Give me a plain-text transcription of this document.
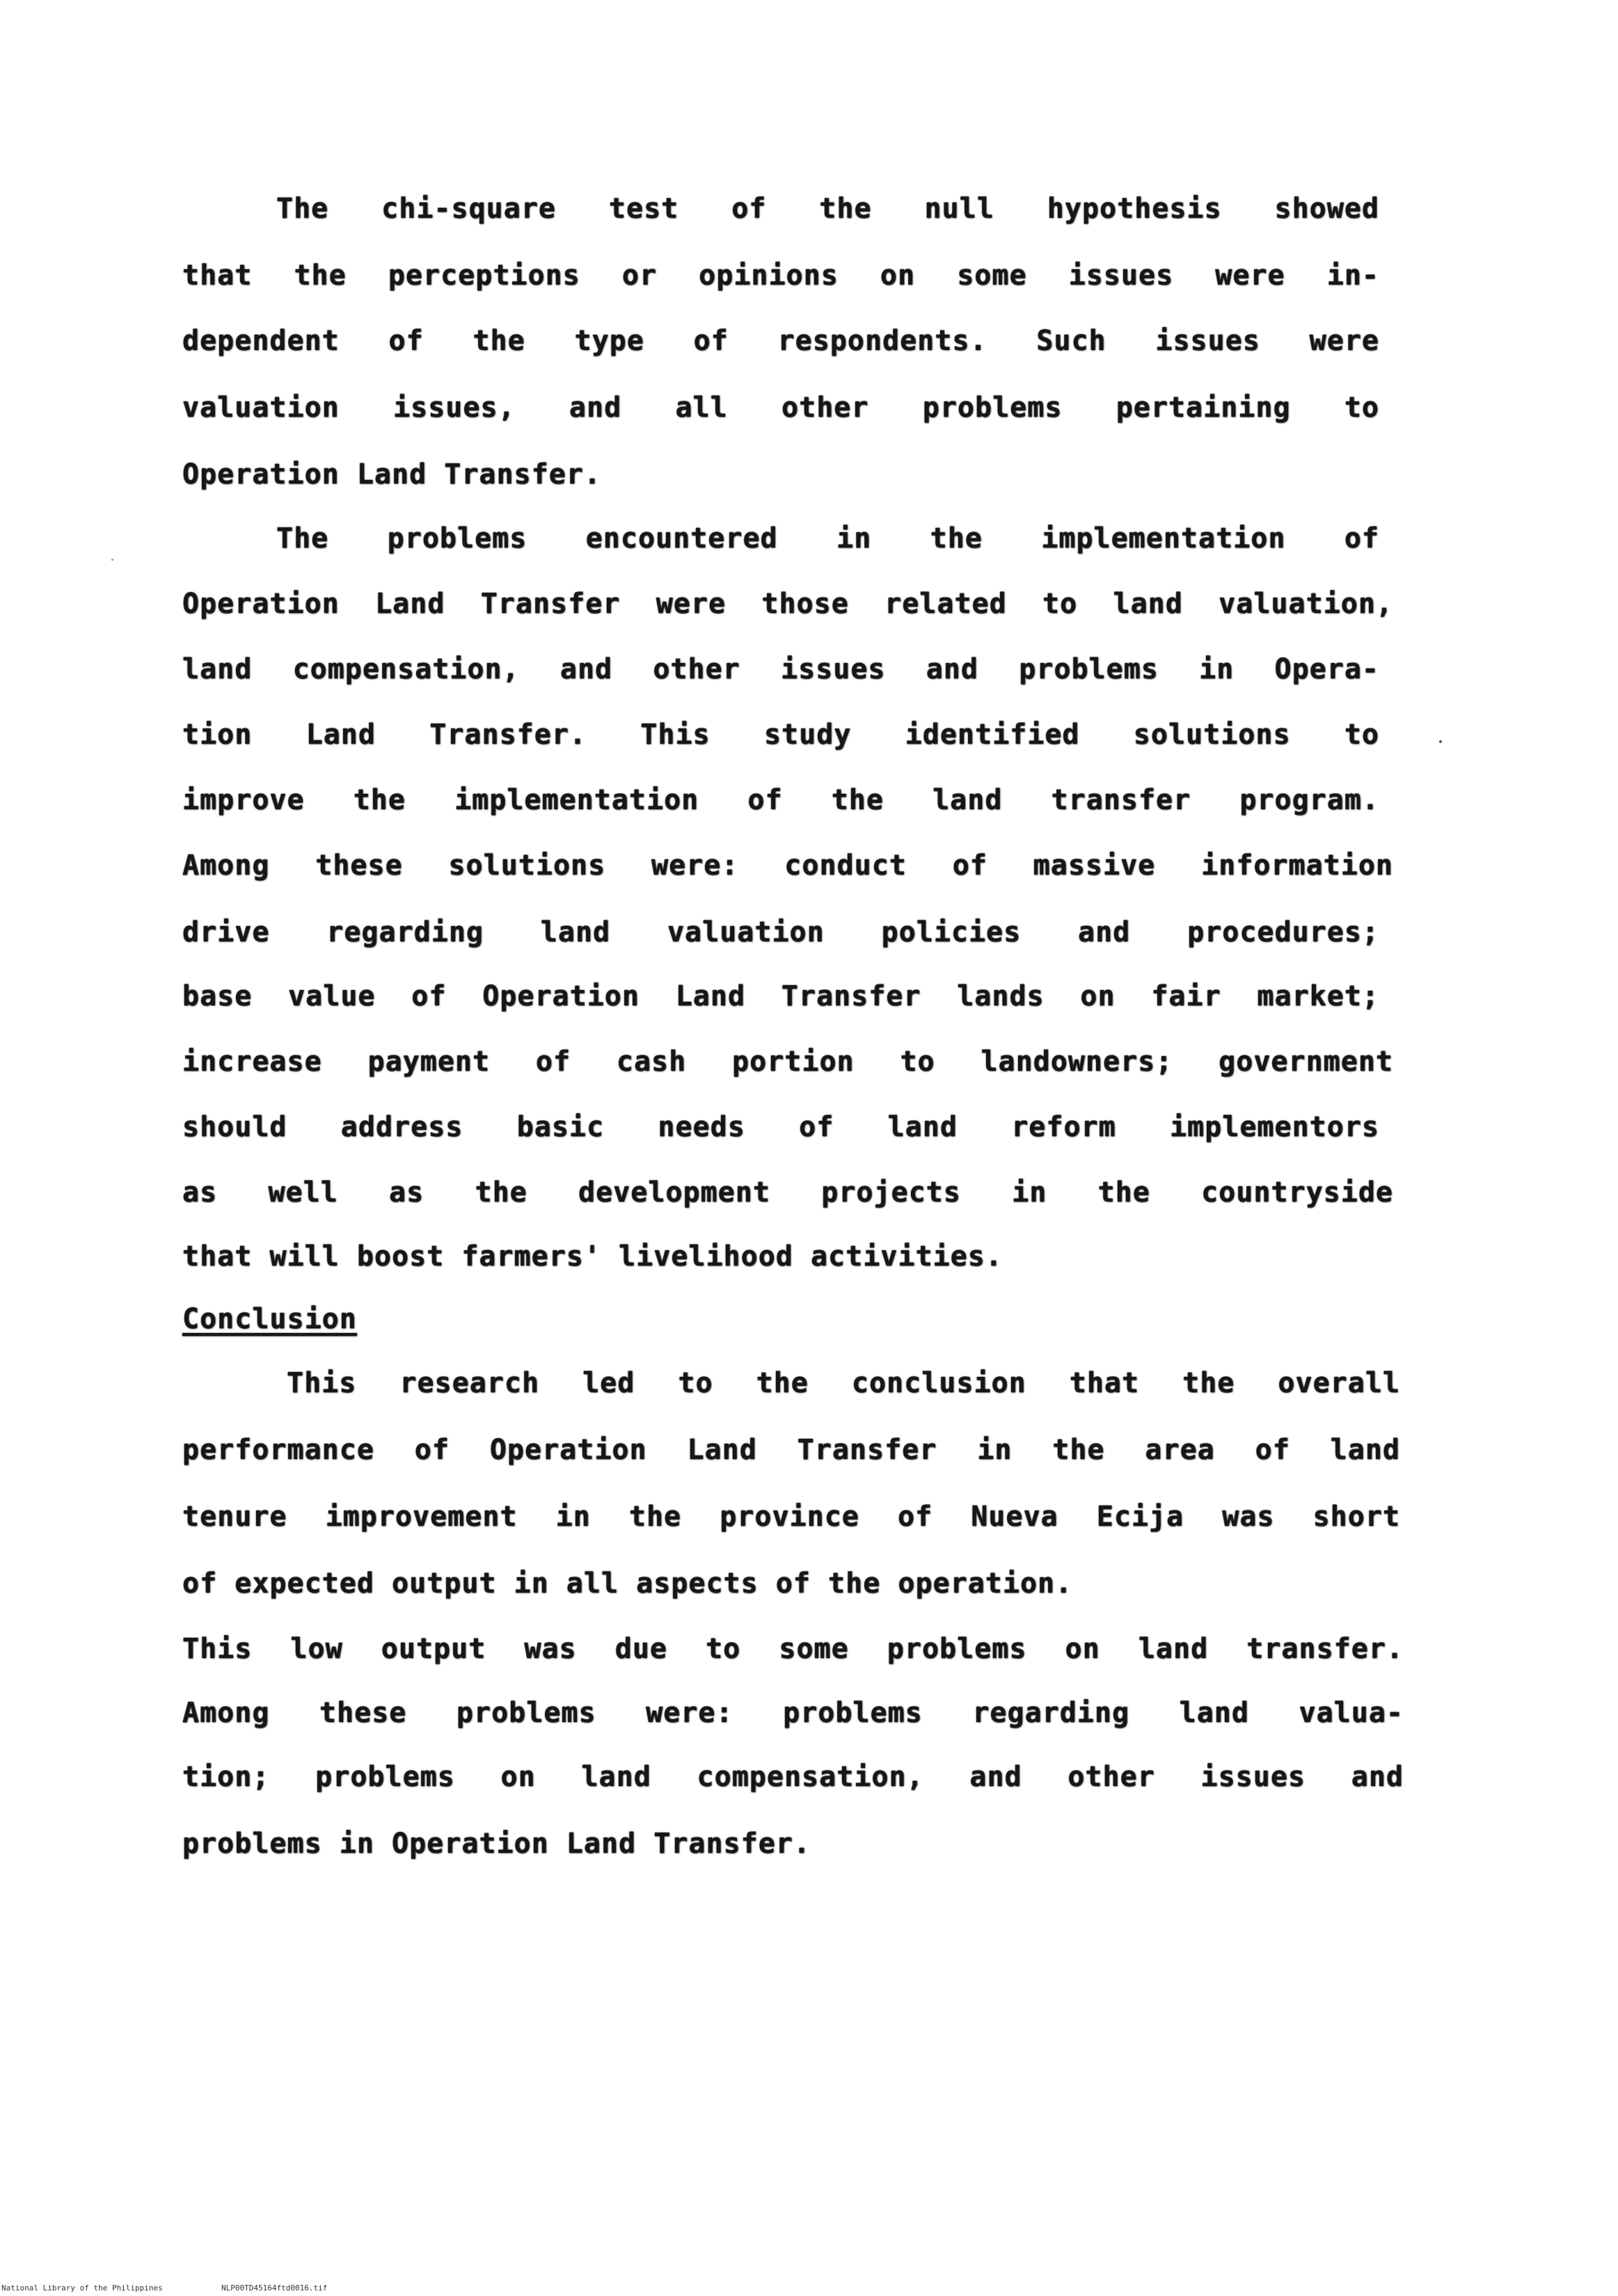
The chi-square test of the null hypothesis showed
that the perceptions or opinions on some issues were in-
dependent of the type of respondents. Such issues were
valuation issues, and all other problems pertaining to
Operation Land Transfer.
The problems encountered in the implementation of
Operation Land Transfer were those related to land valuation,
land compensation, and other issues and problems in Opera-
tion Land Transfer. This study identified solutions to
improve the implementation of the land transfer program.
Among these solutions were: conduct of massive information
drive regarding land valuation policies and procedures;
base value of Operation Land Transfer lands on fair market;
increase payment of cash portion to landowners; government
should address basic needs of land reform implementors
as well as the development projects in the countryside
that will boost farmers' livelihood activities.
Conclusion
This research led to the conclusion that the overall
performance of Operation Land Transfer in the area of land
tenure improvement in the province of Nueva Ecija was short
of expected output in all aspects of the operation.
This low output was due to some problems on land transfer.
Among these problems were: problems regarding land valua-
tion; problems on land compensation, and other issues and
problems in Operation Land Transfer.
National Library of the Philippines	NLP00TD45164ftd0016.tif
